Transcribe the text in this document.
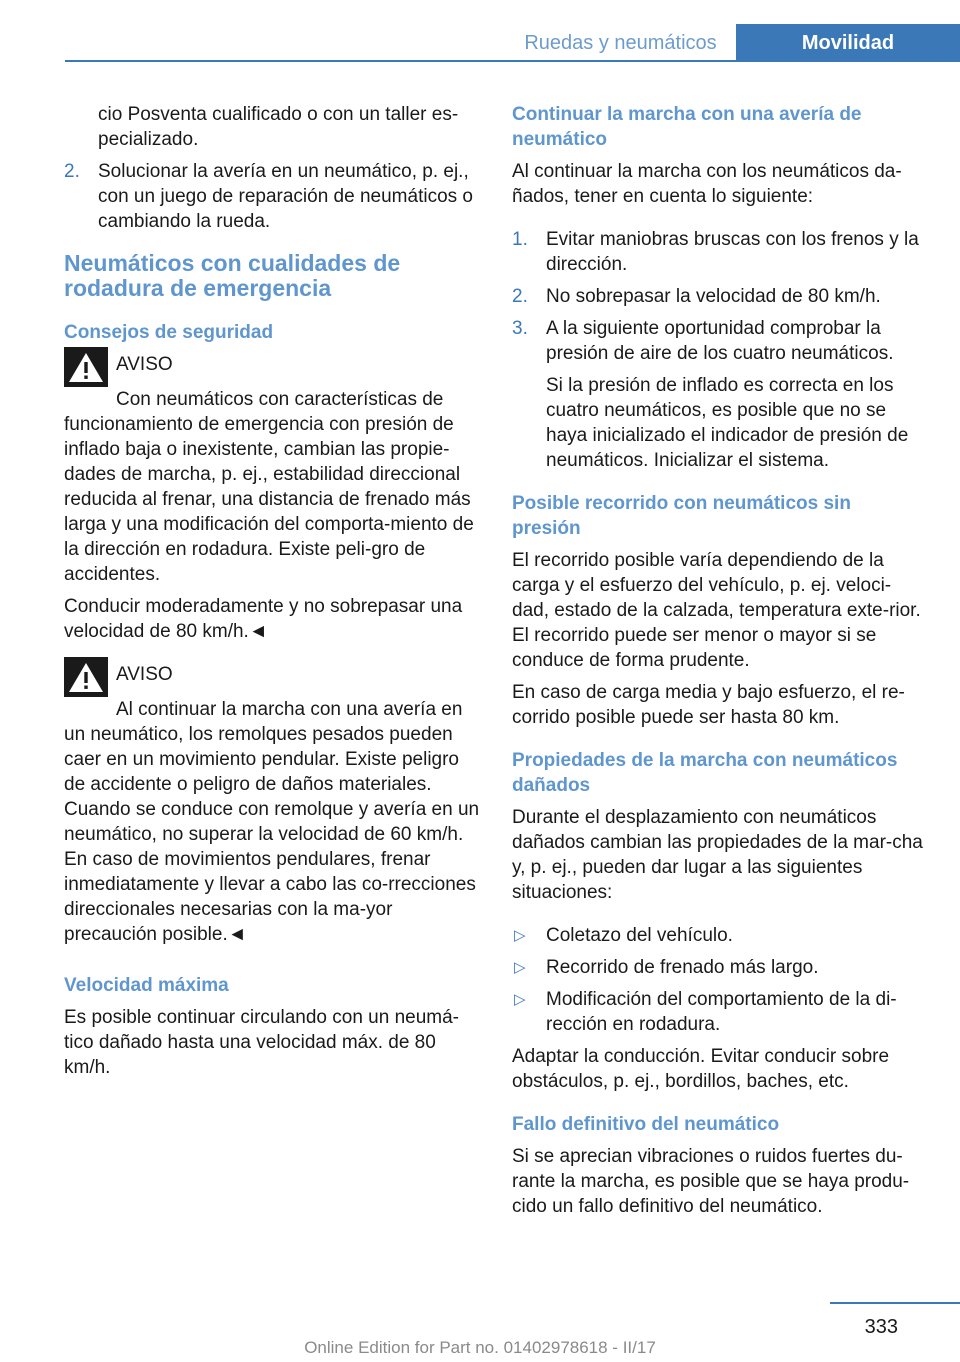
Ruedas y neumáticos	Movilidad

cio Posventa cualificado o con un taller es‐
pecializado.

2. Solucionar la avería en un neumático, p. ej., con un juego de reparación de neumáticos o cambiando la rueda.
Neumáticos con cualidades de rodadura de emergencia
Consejos de seguridad
AVISO

Con neumáticos con características de funcionamiento de emergencia con presión de inflado baja o inexistente, cambian las propie‐dades de marcha, p. ej., estabilidad direccional reducida al frenar, una distancia de frenado más larga y una modificación del comporta‐miento de la dirección en rodadura. Existe peli‐gro de accidentes.

Conducir moderadamente y no sobrepasar una velocidad de 80 km/h.◄

AVISO

Al continuar la marcha con una avería en un neumático, los remolques pesados pueden caer en un movimiento pendular. Existe peligro de accidente o peligro de daños materiales. Cuando se conduce con remolque y avería en un neumático, no superar la velocidad de 60 km/h. En caso de movimientos pendulares, frenar inmediatamente y llevar a cabo las co‐rrecciones direccionales necesarias con la ma‐yor precaución posible.◄

Velocidad máxima

Es posible continuar circulando con un neumá‐tico dañado hasta una velocidad máx. de 80 km/h.

Continuar la marcha con una avería de neumático

Al continuar la marcha con los neumáticos da‐ñados, tener en cuenta lo siguiente:

1. Evitar maniobras bruscas con los frenos y la dirección.
2. No sobrepasar la velocidad de 80 km/h.
3. A la siguiente oportunidad comprobar la presión de aire de los cuatro neumáticos.

Si la presión de inflado es correcta en los cuatro neumáticos, es posible que no se haya inicializado el indicador de presión de neumáticos. Inicializar el sistema.

Posible recorrido con neumáticos sin presión

El recorrido posible varía dependiendo de la carga y el esfuerzo del vehículo, p. ej. veloci‐dad, estado de la calzada, temperatura exte‐rior. El recorrido puede ser menor o mayor si se conduce de forma prudente.

En caso de carga media y bajo esfuerzo, el re‐corrido posible puede ser hasta 80 km.

Propiedades de la marcha con neumáticos dañados

Durante el desplazamiento con neumáticos dañados cambian las propiedades de la mar‐cha y, p. ej., pueden dar lugar a las siguientes situaciones:

▷ Coletazo del vehículo.
▷ Recorrido de frenado más largo.
▷ Modificación del comportamiento de la di‐rección en rodadura.

Adaptar la conducción. Evitar conducir sobre obstáculos, p. ej., bordillos, baches, etc.

Fallo definitivo del neumático

Si se aprecian vibraciones o ruidos fuertes du‐rante la marcha, es posible que se haya produ‐cido un fallo definitivo del neumático.

333
Online Edition for Part no. 01402978618 - II/17
